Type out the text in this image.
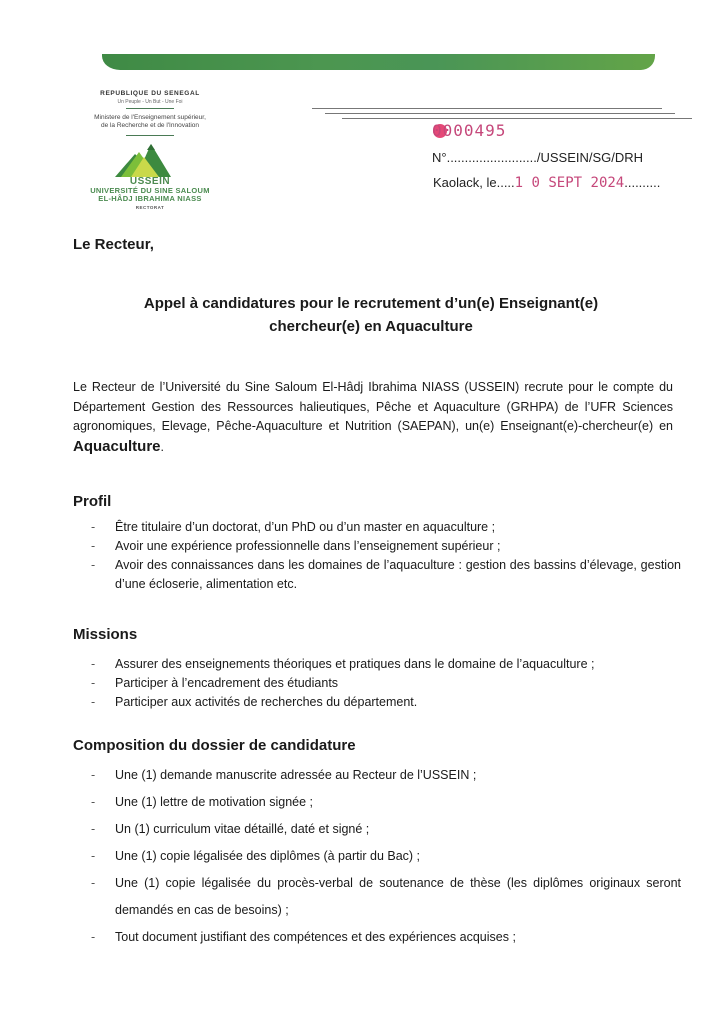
REPUBLIQUE DU SENEGAL
Un Peuple - Un But - Une Foi
Ministere de l'Enseignement supérieur,
de la Recherche et de l'Innovation
USSEIN
UNIVERSITÉ DU SINE SALOUM
EL-HÂDJ IBRAHIMA NIASS
RECTORAT
0000495
N°........................./USSEIN/SG/DRH
Kaolack, le.....1 0 SEPT 2024..........
Le Recteur,
Appel à candidatures pour le recrutement d’un(e) Enseignant(e)
chercheur(e) en Aquaculture
Le Recteur de l’Université du Sine Saloum El-Hâdj Ibrahima NIASS (USSEIN) recrute pour le compte du Département Gestion des Ressources halieutiques, Pêche et Aquaculture (GRHPA) de l’UFR Sciences agronomiques, Elevage, Pêche-Aquaculture et Nutrition (SAEPAN), un(e) Enseignant(e)-chercheur(e) en Aquaculture.
Profil
- Être titulaire d’un doctorat, d’un PhD ou d’un master en aquaculture ;
- Avoir une expérience professionnelle dans l’enseignement supérieur ;
- Avoir des connaissances dans les domaines de l’aquaculture : gestion des bassins d’élevage, gestion d’une écloserie, alimentation etc.
Missions
- Assurer des enseignements théoriques et pratiques dans le domaine de l’aquaculture ;
- Participer à l’encadrement des étudiants
- Participer aux activités de recherches du département.
Composition du dossier de candidature
- Une (1) demande manuscrite adressée au Recteur de l’USSEIN ;
- Une (1) lettre de motivation signée ;
- Un (1) curriculum vitae détaillé, daté et signé ;
- Une (1) copie légalisée des diplômes (à partir du Bac) ;
- Une (1) copie légalisée du procès-verbal de soutenance de thèse (les diplômes originaux seront demandés en cas de besoins) ;
- Tout document justifiant des compétences et des expériences acquises ;
